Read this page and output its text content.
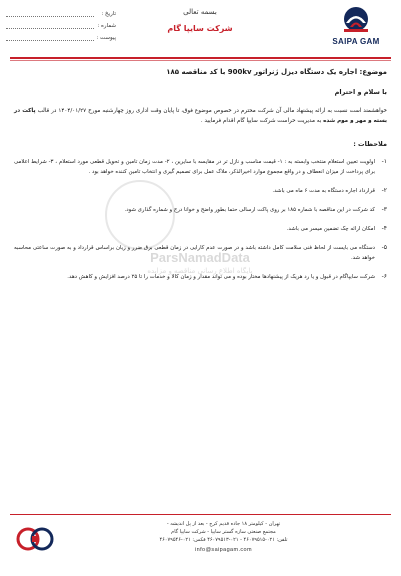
SAIPA GAM
بسمه تعالی
شرکت سایپا گام
تاریخ :
شماره :
پیوست :
ParsNamadData
پایگاه اطلاع رسانی مناقصه و مزایده
موضوع: اجاره یک دستگاه دیزل ژنراتور 900kv با کد مناقصه ۱۸۵
با سلام و احترام
خواهشمند است نسبت به ارائه پیشنهاد مالی آن شرکت محترم در خصوص موضوع فوق، تا پایان وقت اداری روز چهارشنبه مورخ ۱۴۰۴/۰۱/۲۷ در قالب پاکت در بسته و مهر و موم شده به مدیریت حراست شرکت سایپا گام اقدام فرمایید .
ملاحظات :
۱-
اولویت تعیین استعلام منتخب وابسته به : ۱- قیمت مناسب و نازل تر در مقایسه با سایرین ، ۲- مدت زمان تامین و تحویل قطعی مورد استعلام ، ۳- شرایط اعلامی برای پرداخت از میزان انعطاف و در واقع مجموع موارد اخیرالذکر، ملاک عمل برای تصمیم گیری و انتخاب تامین کننده خواهد بود .
۲-
قرارداد اجاره دستگاه به مدت ۶ ماه می باشد.
۳-
کد شرکت در این مناقصه با شماره ۱۸۵ بر روی پاکت ارسالی حتما بطور واضح و خوانا درج و شماره گذاری شود.
۴-
امکان ارائه چک تضمین میسر می باشد.
۵-
دستگاه می بایست از لحاظ فنی سلامت کامل داشته باشد و در صورت عدم کارایی در زمان قطعی برق ضرر و زیان براساس قرارداد و به صورت ساعتی محاسبه خواهد شد.
۶-
شرکت سایپاگام در قبول و یا رد هریک از پیشنهادها مختار بوده و می تواند مقدار و زمان کالا و خدمات را تا ۲۵ درصد افزایش و کاهش دهد.
تهران - کیلومتر ۱۸ جاده قدیم کرج - بعد از پل اندیشه -
مجتمع صنعتی سازه گستر سایپا - شرکت سایپا گام
تلفن: ۰۲۱-۴۶۰۷۹۵۱۵ - ۰۲۱-۴۶۰۷۹۵۱۳ فکس: ۰۲۱-۴۶۰۷۹۵۴۶
info@saipagam.com
